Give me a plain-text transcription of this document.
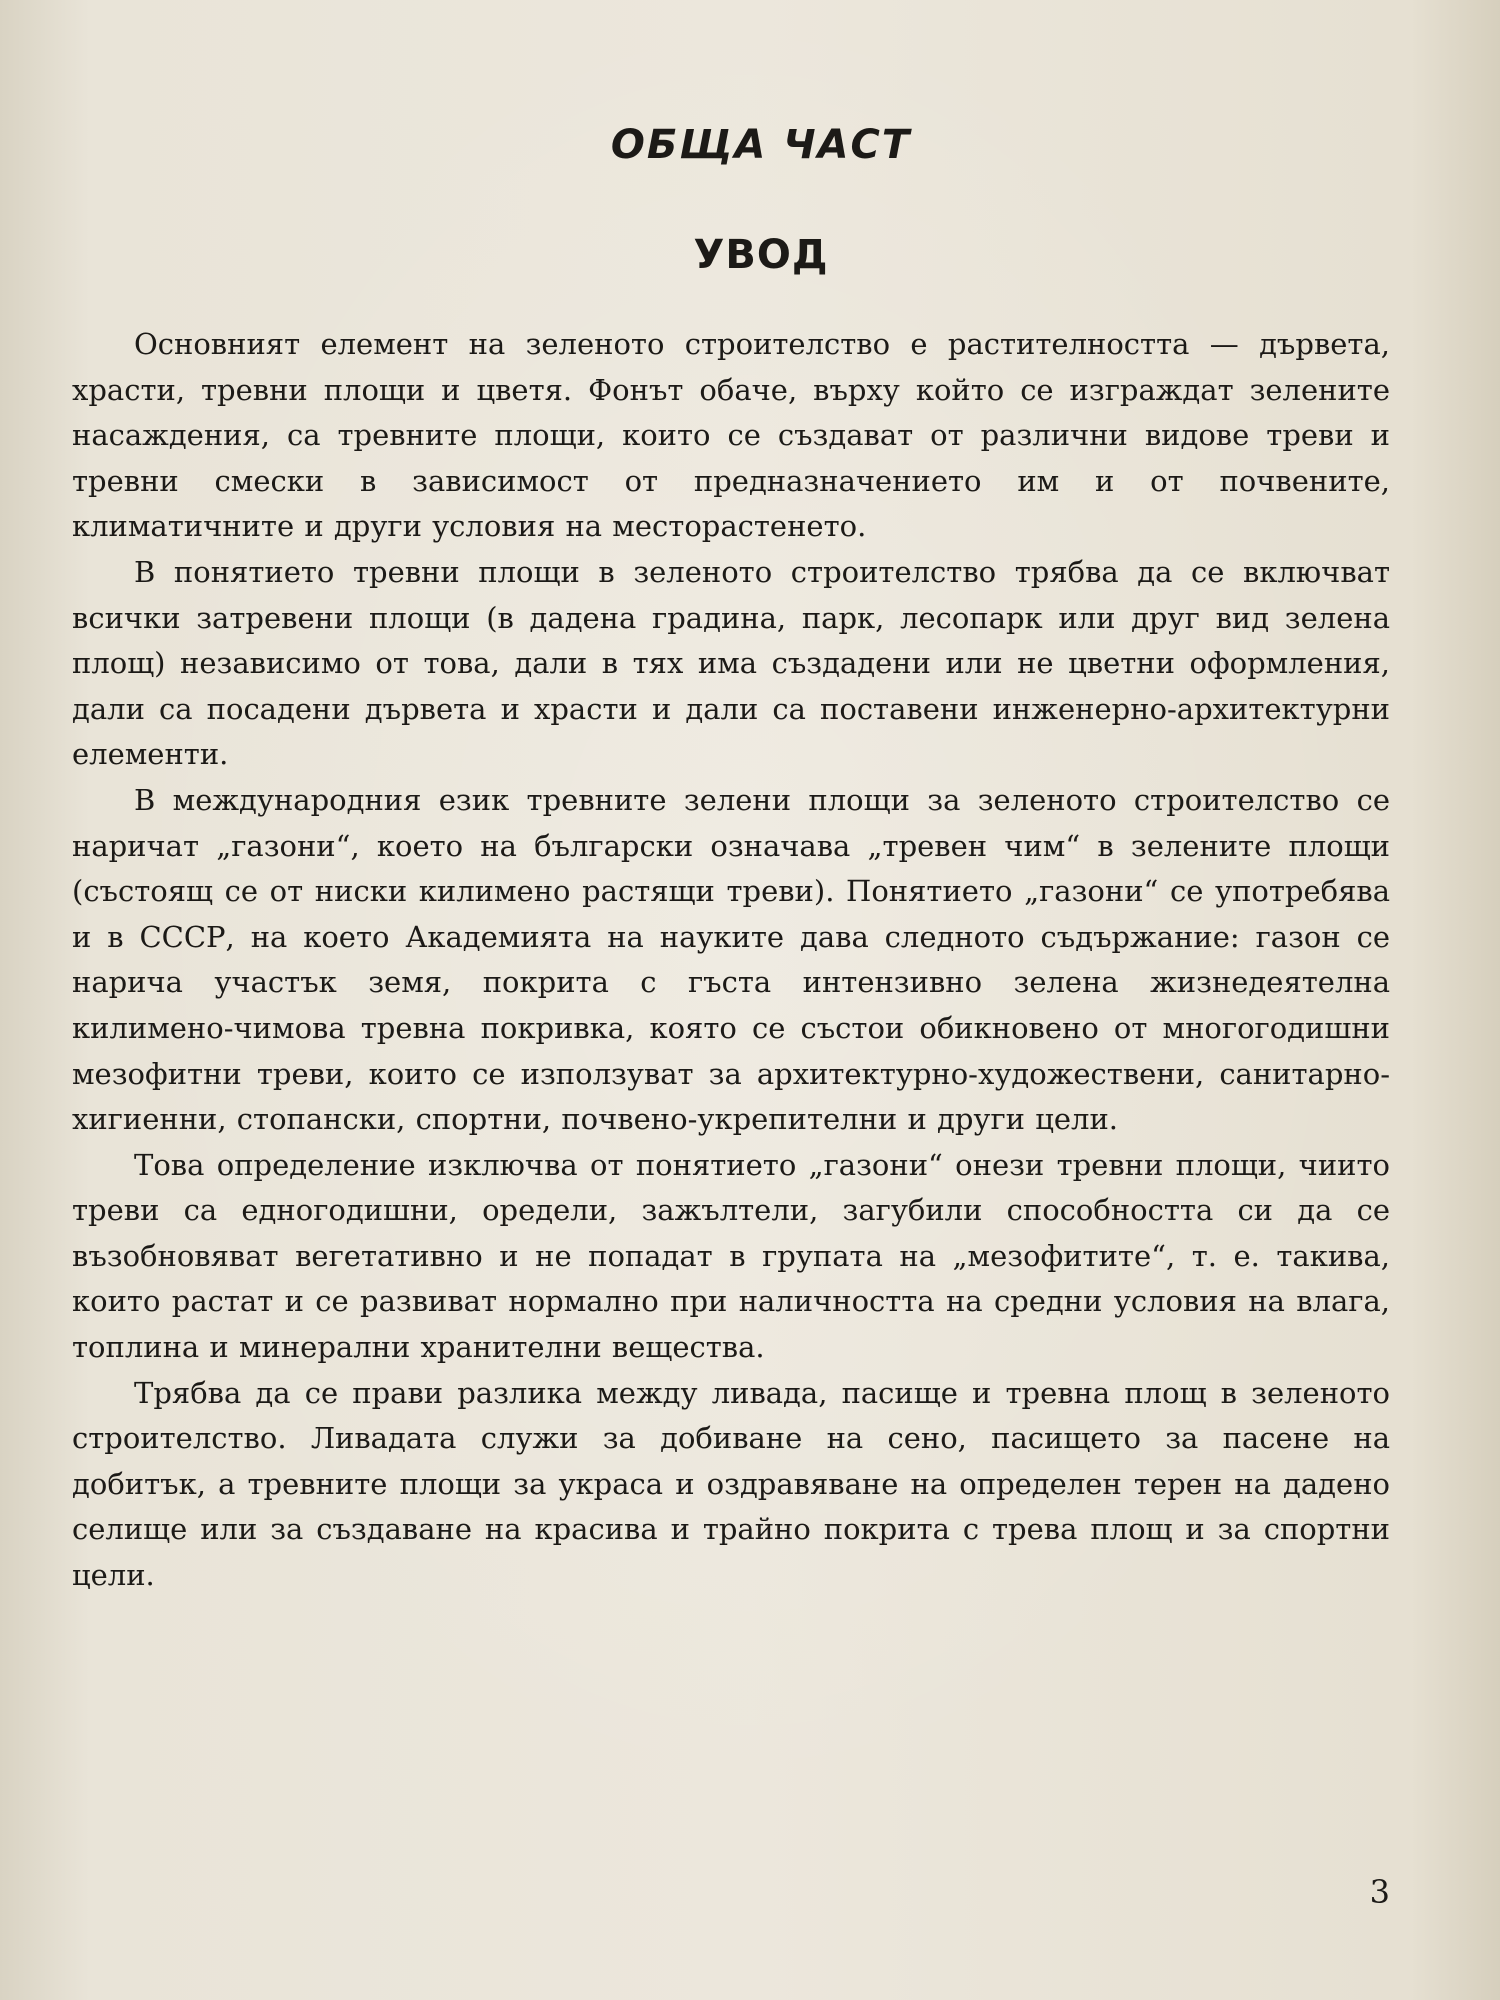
ОБЩА ЧАСТ
УВОД

Основният елемент на зеленото строителство е растителността — дървета, храсти, тревни площи и цветя. Фонът обаче, върху който се изграждат зелените насаждения, са тревните площи, които се създават от различни видове треви и тревни смески в зависимост от предназначението им и от почвените, климатичните и други условия на месторастенето.

В понятието тревни площи в зеленото строителство трябва да се включват всички затревени площи (в дадена градина, парк, лесопарк или друг вид зелена площ) независимо от това, дали в тях има създадени или не цветни оформления, дали са посадени дървета и храсти и дали са поставени инженерно-архитектурни елементи.

В международния език тревните зелени площи за зеленото строителство се наричат „газони“, което на български означава „тревен чим“ в зелените площи (състоящ се от ниски килимено растящи треви). Понятието „газони“ се употребява и в СССР, на което Академията на науките дава следното съдържание: газон се нарича участък земя, покрита с гъста интензивно зелена жизнедеятелна килимено-чимова тревна покривка, която се състои обикновено от многогодишни мезофитни треви, които се използуват за архитектурно-художествени, санитарно-хигиенни, стопански, спортни, почвено-укрепителни и други цели.

Това определение изключва от понятието „газони“ онези тревни площи, чиито треви са едногодишни, оредели, зажълтели, загубили способността си да се възобновяват вегетативно и не попадат в групата на „мезофитите“, т. е. такива, които растат и се развиват нормално при наличността на средни условия на влага, топлина и минерални хранителни вещества.

Трябва да се прави разлика между ливада, пасище и тревна площ в зеленото строителство. Ливадата служи за добиване на сено, пасището за пасене на добитък, а тревните площи за украса и оздравяване на определен терен на дадено селище или за създаване на красива и трайно покрита с трева площ и за спортни цели.

3
